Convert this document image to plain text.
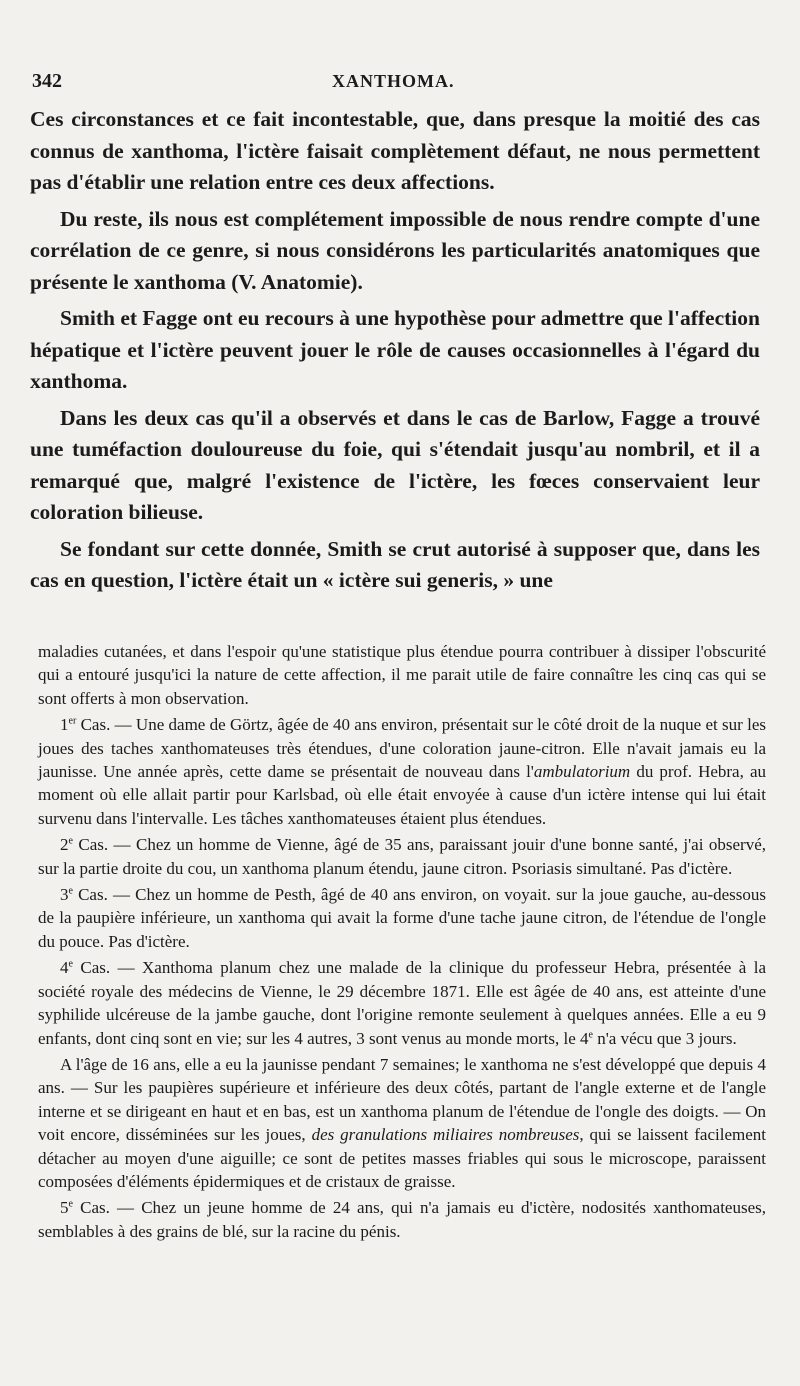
342	XANTHOMA.

Ces circonstances et ce fait incontestable, que, dans presque la moitié des cas connus de xanthoma, l'ictère faisait complètement défaut, ne nous permettent pas d'établir une relation entre ces deux affections.

Du reste, ils nous est complétement impossible de nous rendre compte d'une corrélation de ce genre, si nous considérons les particularités anatomiques que présente le xanthoma (V. Anatomie).

Smith et Fagge ont eu recours à une hypothèse pour admettre que l'affection hépatique et l'ictère peuvent jouer le rôle de causes occasionnelles à l'égard du xanthoma.

Dans les deux cas qu'il a observés et dans le cas de Barlow, Fagge a trouvé une tuméfaction douloureuse du foie, qui s'étendait jusqu'au nombril, et il a remarqué que, malgré l'existence de l'ictère, les fœces conservaient leur coloration bilieuse.

Se fondant sur cette donnée, Smith se crut autorisé à supposer que, dans les cas en question, l'ictère était un « ictère sui generis, » une

maladies cutanées, et dans l'espoir qu'une statistique plus étendue pourra contribuer à dissiper l'obscurité qui a entouré jusqu'ici la nature de cette affection, il me parait utile de faire connaître les cinq cas qui se sont offerts à mon observation.

1er Cas. — Une dame de Görtz, âgée de 40 ans environ, présentait sur le côté droit de la nuque et sur les joues des taches xanthomateuses très étendues, d'une coloration jaune-citron. Elle n'avait jamais eu la jaunisse. Une année après, cette dame se présentait de nouveau dans l'ambulatorium du prof. Hebra, au moment où elle allait partir pour Karlsbad, où elle était envoyée à cause d'un ictère intense qui lui était survenu dans l'intervalle. Les tâches xanthomateuses étaient plus étendues.

2e Cas. — Chez un homme de Vienne, âgé de 35 ans, paraissant jouir d'une bonne santé, j'ai observé, sur la partie droite du cou, un xanthoma planum étendu, jaune citron. Psoriasis simultané. Pas d'ictère.

3e Cas. — Chez un homme de Pesth, âgé de 40 ans environ, on voyait. sur la joue gauche, au-dessous de la paupière inférieure, un xanthoma qui avait la forme d'une tache jaune citron, de l'étendue de l'ongle du pouce. Pas d'ictère.

4e Cas. — Xanthoma planum chez une malade de la clinique du professeur Hebra, présentée à la société royale des médecins de Vienne, le 29 décembre 1871. Elle est âgée de 40 ans, est atteinte d'une syphilide ulcéreuse de la jambe gauche, dont l'origine remonte seulement à quelques années. Elle a eu 9 enfants, dont cinq sont en vie; sur les 4 autres, 3 sont venus au monde morts, le 4e n'a vécu que 3 jours.

A l'âge de 16 ans, elle a eu la jaunisse pendant 7 semaines; le xanthoma ne s'est développé que depuis 4 ans. — Sur les paupières supérieure et inférieure des deux côtés, partant de l'angle externe et de l'angle interne et se dirigeant en haut et en bas, est un xanthoma planum de l'étendue de l'ongle des doigts. — On voit encore, disséminées sur les joues, des granulations miliaires nombreuses, qui se laissent facilement détacher au moyen d'une aiguille; ce sont de petites masses friables qui sous le microscope, paraissent composées d'éléments épidermiques et de cristaux de graisse.

5e Cas. — Chez un jeune homme de 24 ans, qui n'a jamais eu d'ictère, nodosités xanthomateuses, semblables à des grains de blé, sur la racine du pénis.
